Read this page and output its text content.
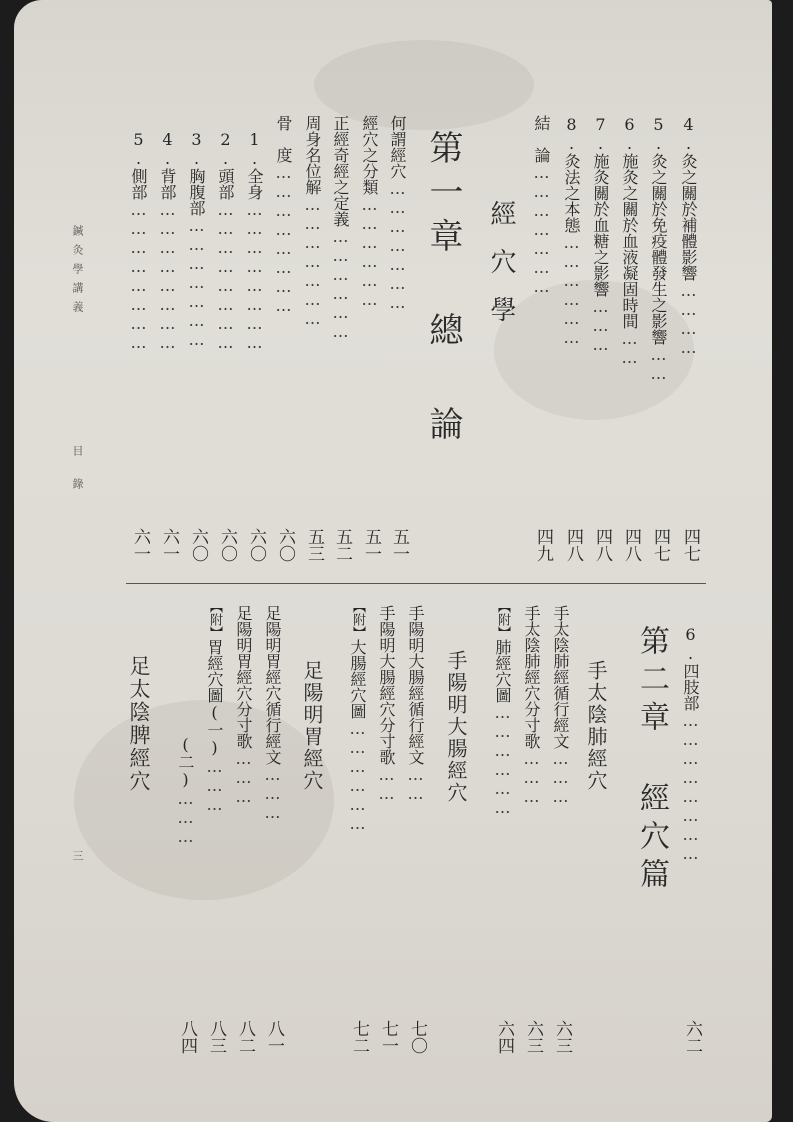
鍼灸學講義
目錄
三
4.灸之關於補體影響…………
四七
5.灸之關於免疫體發生之影響……
四七
6.施灸之關於血液凝固時間……
四八
7.施灸關於血糖之影響………
四八
8.灸法之本態………………
四八
結　論…………………
四九
經穴學
第一章 總 論
何謂經穴…………………
五一
經穴之分類………………
五一
正經奇經之定義………………
五二
周身名位解…………………
五三
骨　度……………………
六〇
1.全身……………………
六〇
2.頭部……………………
六〇
3.胸腹部…………………
六〇
4.背部……………………
六一
5.側部……………………
六一
6.四肢部……………………
六二
第二章 經穴篇
手太陰肺經穴
手太陰肺經循行經文………
六三
手太陰肺經穴分寸歌………
六三
【附】肺經穴圖………………
六四
手陽明大腸經穴
手陽明大腸經循行經文……
七〇
手陽明大腸經穴分寸歌……
七一
【附】大腸經穴圖………………
七二
足陽明胃經穴
足陽明胃經穴循行經文………
八一
足陽明胃經穴分寸歌………
八二
【附】胃經穴圖(一)………
八三
(二)………
八四
足太陰脾經穴
